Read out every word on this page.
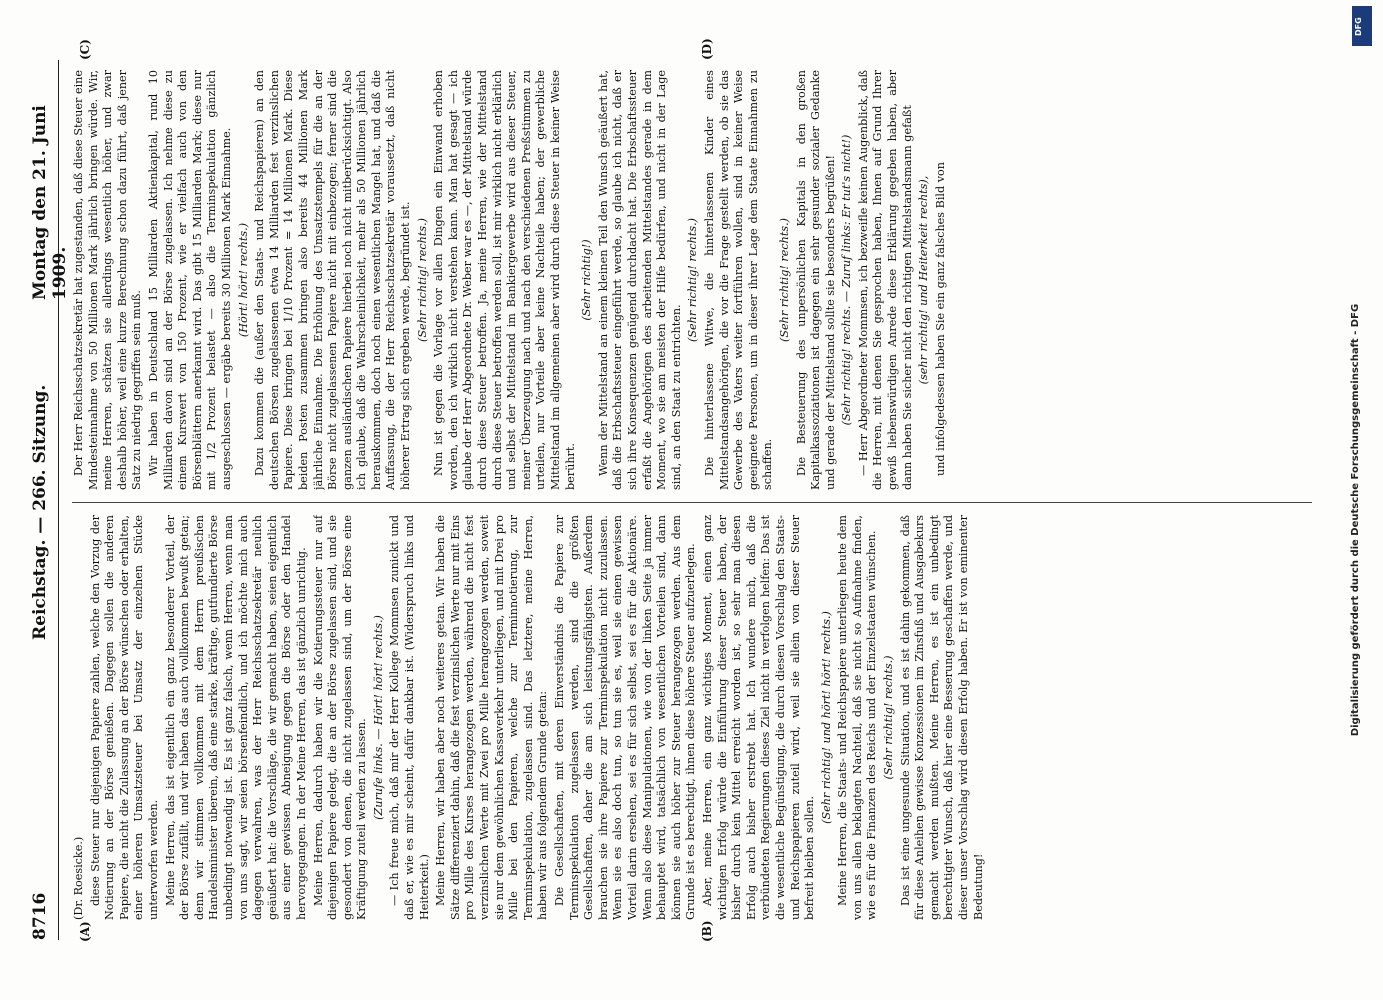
8716
Reichstag. — 266. Sitzung.
Montag den 21. Juni 1909.
(A)	(B)
(C)	(D)

(Dr. Roesicke.) diese Steuer nur diejenigen Papiere zahlen, welche den Vorzug der Notierung an der Börse genießen. Dagegen sollen die anderen Papiere, die nicht die Zulassung an der Börse wünschen oder erhalten, einer höheren Umsatzsteuer bei Umsatz der einzelnen Stücke unterworfen werden. Meine Herren, das ist eigentlich ein ganz besonderer Vorteil, der der Börse zufällt, und wir haben das auch vollkommen bewußt getan; denn wir stimmen vollkommen mit dem Herrn preußischen Handelsminister überein, daß eine starke, kräftige, gutfundierte Börse unbedingt notwendig ist. Es ist ganz falsch, wenn Herren, wenn man von uns sagt, wir seien börsenfeindlich, und ich möchte mich auch dagegen verwahren, was der Herr Reichsschatzsekretär neulich geäußert hat: die Vorschläge, die wir gemacht haben, seien eigentlich aus einer gewissen Abneigung gegen die Börse oder den Handel hervorgegangen. In der Meine Herren, das ist gänzlich unrichtig. Meine Herren, dadurch haben wir die Kotierungssteuer nur auf diejenigen Papiere gelegt, die an der Börse zugelassen sind, und sie gesondert von denen, die nicht zugelassen sind, um der Börse eine Kräftigung zuteil werden zu lassen. (Zurufe links. — Hört! hört! rechts.) — Ich freue mich, daß mir der Herr Kollege Mommsen zunickt und daß er, wie es mir scheint, dafür dankbar ist. (Widerspruch links und Heiterkeit.) Meine Herren, wir haben aber noch weiteres getan. Wir haben die Sätze differenziert dahin, daß die fest verzinslichen Werte nur mit Eins pro Mille des Kurses herangezogen werden, während die nicht fest verzinslichen Werte mit Zwei pro Mille herangezogen werden, soweit sie nur dem gewöhnlichen Kassaverkehr unterliegen, und mit Drei pro Mille bei den Papieren, welche zur Terminnotierung, zur Terminspekulation, zugelassen sind. Das letztere, meine Herren, haben wir aus folgendem Grunde getan: Die Gesellschaften, mit deren Einverständnis die Papiere zur Terminspekulation zugelassen werden, sind die größten Gesellschaften, daher die am sich leistungsfähigsten. Außerdem brauchen sie ihre Papiere zur Terminspekulation nicht zuzulassen. Wenn sie es also doch tun, so tun sie es, weil sie einen gewissen Vorteil darin ersehen, sei es für sich selbst, sei es für die Aktionäre. Wenn also diese Manipulationen, wie von der linken Seite ja immer behauptet wird, tatsächlich von wesentlichen Vorteilen sind, dann können sie auch höher zur Steuer herangezogen werden. Aus dem Grunde ist es berechtigt, ihnen diese höhere Steuer aufzuerlegen. Aber, meine Herren, ein ganz wichtiges Moment, einen ganz wichtigen Erfolg würde die Einführung dieser Steuer haben, der bisher durch kein Mittel erreicht worden ist, so sehr man diesen Erfolg auch bisher erstrebt hat. Ich wundere mich, daß die verbündeten Regierungen dieses Ziel nicht in verfolgen helfen: Das ist die wesentliche Begünstigung, die durch diesen Vorschlag den Staats- und Reichspapieren zuteil wird, weil sie allein von dieser Steuer befreit bleiben sollen.

(Sehr richtig! und hört! hört! rechts.) Meine Herren, die Staats- und Reichspapiere unterliegen heute dem von uns allen beklagten Nachteil, daß sie nicht so Aufnahme finden, wie es für die Finanzen des Reichs und der Einzelstaaten wünschen. (Sehr richtig! rechts.) Das ist eine ungesunde Situation, und es ist dahin gekommen, daß für diese Anleihen gewisse Konzessionen im Zinsfuß und Ausgabekurs gemacht werden mußten. Meine Herren, es ist ein unbedingt berechtigter Wunsch, daß hier eine Besserung geschaffen werde, und dieser unser Vorschlag wird diesen Erfolg haben. Er ist von eminenter Bedeutung!

Der Herr Reichsschatzsekretär hat zugestanden, daß diese Steuer eine Mindesteinnahme von 50 Millionen Mark jährlich bringen würde. Wir, meine Herren, schätzen sie allerdings wesentlich höher, und zwar deshalb höher, weil eine kurze Berechnung schon dazu führt, daß jener Satz zu niedrig gegriffen sein muß. Wir haben in Deutschland 15 Milliarden Aktienkapital, rund 10 Milliarden davon sind an der Börse zugelassen. Ich nehme diese zu einem Kurswert von 150 Prozent, wie er vielfach auch von den Börsenblättern anerkannt wird. Das gibt 15 Milliarden Mark; diese nur mit 1/2 Prozent belastet — also die Terminspekulation gänzlich ausgeschlossen — ergäbe bereits 30 Millionen Mark Einnahme. (Hört! hört! rechts.) Dazu kommen die (außer den Staats- und Reichspapieren) an den deutschen Börsen zugelassenen etwa 14 Milliarden fest verzinslichen Papiere. Diese bringen bei 1/10 Prozent = 14 Millionen Mark. Diese beiden Posten zusammen bringen also bereits 44 Millionen Mark jährliche Einnahme. Die Erhöhung des Umsatzstempels für die an der Börse nicht zugelassenen Papiere nicht mit einbezogen; ferner sind die ganzen ausländischen Papiere hierbei noch nicht mitberücksichtigt. Also ich glaube, daß die Wahrscheinlichkeit, mehr als 50 Millionen jährlich herauskommen, doch noch einen wesentlichen Mangel hat, und daß die Auffassung, die der Herr Reichsschatzsekretär voraussetzt, daß nicht höherer Ertrag sich ergeben werde, begründet ist. (Sehr richtig! rechts.) Nun ist gegen die Vorlage vor allen Dingen ein Einwand erhoben worden, den ich wirklich nicht verstehen kann. Man hat gesagt — ich glaube der Herr Abgeordnete Dr. Weber war es —, der Mittelstand würde durch diese Steuer betroffen. Ja, meine Herren, wie der Mittelstand durch diese Steuer betroffen werden soll, ist mir wirklich nicht erklärlich und selbst der Mittelstand im Bankiergewerbe wird aus dieser Steuer, meiner Überzeugung nach und nach den verschiedenen Preßstimmen zu urteilen, nur Vorteile aber keine Nachteile haben; der gewerbliche Mittelstand im allgemeinen aber wird durch diese Steuer in keiner Weise berührt.

(Sehr richtig!) Wenn der Mittelstand an einem kleinen Teil den Wunsch geäußert hat, daß die Erbschaftssteuer eingeführt werde, so glaube ich nicht, daß er sich ihre Konsequenzen genügend durchdacht hat. Die Erbschaftssteuer erfaßt die Angehörigen des arbeitenden Mittelstandes gerade in dem Moment, wo sie am meisten der Hilfe bedürfen, und nicht in der Lage sind, an den Staat zu entrichten.

(Sehr richtig! rechts.) Die hinterlassene Witwe, die hinterlassenen Kinder eines Mittelstandsangehörigen, die vor die Frage gestellt werden, ob sie das Gewerbe des Vaters weiter fortführen wollen, sind in keiner Weise geeignete Personen, um in dieser ihrer Lage dem Staate Einnahmen zu schaffen.

(Sehr richtig! rechts.) Die Besteuerung des unpersönlichen Kapitals in den großen Kapitalkassoziationen ist dagegen ein sehr gesunder sozialer Gedanke und gerade der Mittelstand sollte sie besonders begrüßen! (Sehr richtig! rechts. — Zuruf links: Er tut's nicht!) — Herr Abgeordneter Mommsen, ich bezweifle keinen Augenblick, daß die Herren, mit denen Sie gesprochen haben, Ihnen auf Grund Ihrer gewiß liebenswürdigen Anrede diese Erklärung gegeben haben, aber dann haben Sie sicher nicht den richtigen Mittelstandsmann gefaßt (sehr richtig! und Heiterkeit rechts), und infolgedessen haben Sie ein ganz falsches Bild von

DFG
Digitalisierung gefördert durch die Deutsche Forschungsgemeinschaft - DFG
